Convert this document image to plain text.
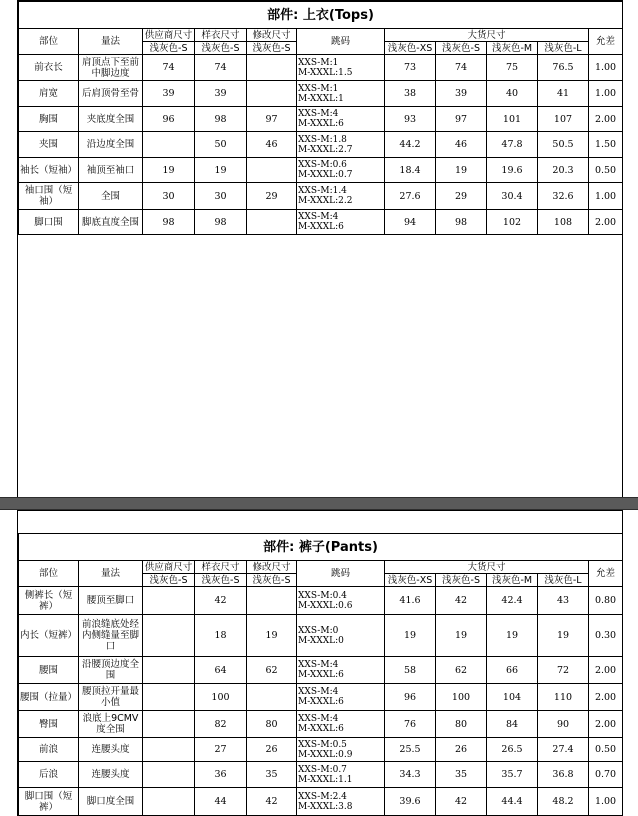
部件: 上衣(Tops)										
部位	量法	供应商尺寸	样衣尺寸	修改尺寸	跳码	大货尺寸				允差
		浅灰色-S	浅灰色-S	浅灰色-S		浅灰色-XS	浅灰色-S	浅灰色-M	浅灰色-L	
前衣长	肩顶点下至前中脚边度	74	74		XXS-M:1
M-XXXL:1.5	73	74	75	76.5	1.00
肩宽	后肩顶骨至骨	39	39		XXS-M:1
M-XXXL:1	38	39	40	41	1.00
胸围	夹底度全围	96	98	97	XXS-M:4
M-XXXL:6	93	97	101	107	2.00
夹围	沿边度全围		50	46	XXS-M:1.8
M-XXXL:2.7	44.2	46	47.8	50.5	1.50
袖长（短袖）	袖顶至袖口	19	19		XXS-M:0.6
M-XXXL:0.7	18.4	19	19.6	20.3	0.50
袖口围（短袖）	全围	30	30	29	XXS-M:1.4
M-XXXL:2.2	27.6	29	30.4	32.6	1.00
脚口围	脚底直度全围	98	98		XXS-M:4
M-XXXL:6	94	98	102	108	2.00
部件: 裤子(Pants)										
部位	量法	供应商尺寸	样衣尺寸	修改尺寸	跳码	大货尺寸				允差
		浅灰色-S	浅灰色-S	浅灰色-S		浅灰色-XS	浅灰色-S	浅灰色-M	浅灰色-L	
侧裤长（短裤）	腰顶至脚口		42		XXS-M:0.4
M-XXXL:0.6	41.6	42	42.4	43	0.80
内长（短裤）	前浪缝底处经内侧缝量至脚口		18	19	XXS-M:0
M-XXXL:0	19	19	19	19	0.30
腰围	沿腰顶边度全围		64	62	XXS-M:4
M-XXXL:6	58	62	66	72	2.00
腰围（拉量）	腰顶拉开量最小值		100		XXS-M:4
M-XXXL:6	96	100	104	110	2.00
臀围	浪底上9CMV度全围		82	80	XXS-M:4
M-XXXL:6	76	80	84	90	2.00
前浪	连腰头度		27	26	XXS-M:0.5
M-XXXL:0.9	25.5	26	26.5	27.4	0.50
后浪	连腰头度		36	35	XXS-M:0.7
M-XXXL:1.1	34.3	35	35.7	36.8	0.70
脚口围（短裤）	脚口度全围		44	42	XXS-M:2.4
M-XXXL:3.8	39.6	42	44.4	48.2	1.00
